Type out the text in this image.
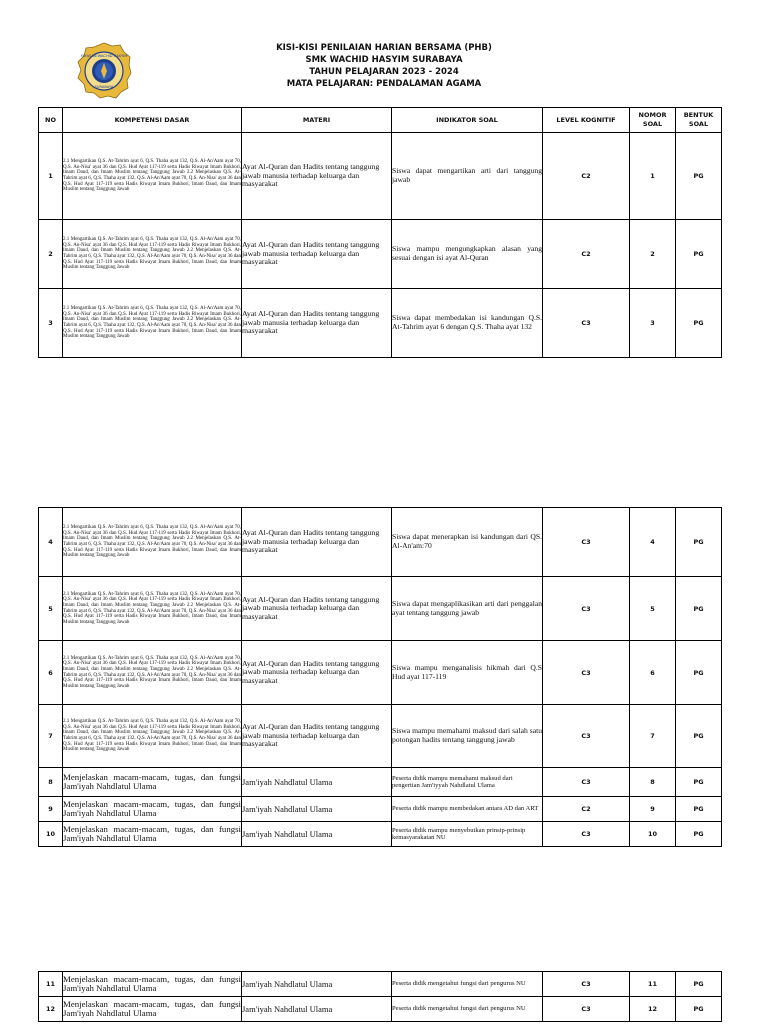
YAYASAN WACHID HASYIM
SURABAYA
KISI-KISI PENILAIAN HARIAN BERSAMA (PHB)
SMK WACHID HASYIM SURABAYA
TAHUN PELAJARAN 2023 - 2024
MATA PELAJARAN: PENDALAMAN AGAMA
NO	KOMPETENSI DASAR	MATERI	INDIKATOR SOAL	LEVEL KOGNITIF	NOMOR SOAL	BENTUK SOAL
1	2.1 Mengartikan Q.S. At-Tahrim ayat 6, Q.S. Thaha ayat 132, Q.S. Al-An'Aam ayat 70, Q.S. An-Nisa' ayat 36 dan Q.S. Hud Ayat 117-119 serta Hadis Riwayat Imam Bukhori, Imam Daud, dan Imam Muslim tentang Tanggung Jawab 2.2 Menjelaskan Q.S. At-Tahrim ayat 6, Q.S. Thaha ayat 132, Q.S. Al-An'Aam ayat 70, Q.S. An-Nisa' ayat 36 dan Q.S. Hud Ayat 117-119 serta Hadis Riwayat Imam Bukhori, Imam Daud, dan Imam Muslim tentang Tanggung Jawab	Ayat Al-Quran dan Hadits tentang tanggung jawab manusia terhadap keluarga dan masyarakat	Siswa dapat mengartikan arti dari tanggung jawab	C2	1	PG
2	2.1 Mengartikan Q.S. At-Tahrim ayat 6, Q.S. Thaha ayat 132, Q.S. Al-An'Aam ayat 70, Q.S. An-Nisa' ayat 36 dan Q.S. Hud Ayat 117-119 serta Hadis Riwayat Imam Bukhori, Imam Daud, dan Imam Muslim tentang Tanggung Jawab 2.2 Menjelaskan Q.S. At-Tahrim ayat 6, Q.S. Thaha ayat 132, Q.S. Al-An'Aam ayat 70, Q.S. An-Nisa' ayat 36 dan Q.S. Hud Ayat 117-119 serta Hadis Riwayat Imam Bukhori, Imam Daud, dan Imam Muslim tentang Tanggung Jawab	Ayat Al-Quran dan Hadits tentang tanggung jawab manusia terhadap keluarga dan masyarakat	Siswa mampu mengungkapkan alasan yang sesuai dengan isi ayat Al-Quran	C2	2	PG
3	2.1 Mengartikan Q.S. At-Tahrim ayat 6, Q.S. Thaha ayat 132, Q.S. Al-An'Aam ayat 70, Q.S. An-Nisa' ayat 36 dan Q.S. Hud Ayat 117-119 serta Hadis Riwayat Imam Bukhori, Imam Daud, dan Imam Muslim tentang Tanggung Jawab 2.2 Menjelaskan Q.S. At-Tahrim ayat 6, Q.S. Thaha ayat 132, Q.S. Al-An'Aam ayat 70, Q.S. An-Nisa' ayat 36 dan Q.S. Hud Ayat 117-119 serta Hadis Riwayat Imam Bukhori, Imam Daud, dan Imam Muslim tentang Tanggung Jawab	Ayat Al-Quran dan Hadits tentang tanggung jawab manusia terhadap keluarga dan masyarakat	Siswa dapat membedakan isi kandungan Q.S. At-Tahrim ayat 6 dengan Q.S. Thaha ayat 132	C3	3	PG
4	2.1 Mengartikan Q.S. At-Tahrim ayat 6, Q.S. Thaha ayat 132, Q.S. Al-An'Aam ayat 70, Q.S. An-Nisa' ayat 36 dan Q.S. Hud Ayat 117-119 serta Hadis Riwayat Imam Bukhori, Imam Daud, dan Imam Muslim tentang Tanggung Jawab 2.2 Menjelaskan Q.S. At-Tahrim ayat 6, Q.S. Thaha ayat 132, Q.S. Al-An'Aam ayat 70, Q.S. An-Nisa' ayat 36 dan Q.S. Hud Ayat 117-119 serta Hadis Riwayat Imam Bukhori, Imam Daud, dan Imam Muslim tentang Tanggung Jawab	Ayat Al-Quran dan Hadits tentang tanggung jawab manusia terhadap keluarga dan masyarakat	Siswa dapat menerapkan isi kandungan dari QS. Al-An'am:70	C3	4	PG
5	2.1 Mengartikan Q.S. At-Tahrim ayat 6, Q.S. Thaha ayat 132, Q.S. Al-An'Aam ayat 70, Q.S. An-Nisa' ayat 36 dan Q.S. Hud Ayat 117-119 serta Hadis Riwayat Imam Bukhori, Imam Daud, dan Imam Muslim tentang Tanggung Jawab 2.2 Menjelaskan Q.S. At-Tahrim ayat 6, Q.S. Thaha ayat 132, Q.S. Al-An'Aam ayat 70, Q.S. An-Nisa' ayat 36 dan Q.S. Hud Ayat 117-119 serta Hadis Riwayat Imam Bukhori, Imam Daud, dan Imam Muslim tentang Tanggung Jawab	Ayat Al-Quran dan Hadits tentang tanggung jawab manusia terhadap keluarga dan masyarakat	Siswa dapat mengaplikasikan arti dari penggalan ayat tentang tanggung jawab	C3	5	PG
6	2.1 Mengartikan Q.S. At-Tahrim ayat 6, Q.S. Thaha ayat 132, Q.S. Al-An'Aam ayat 70, Q.S. An-Nisa' ayat 36 dan Q.S. Hud Ayat 117-119 serta Hadis Riwayat Imam Bukhori, Imam Daud, dan Imam Muslim tentang Tanggung Jawab 2.2 Menjelaskan Q.S. At-Tahrim ayat 6, Q.S. Thaha ayat 132, Q.S. Al-An'Aam ayat 70, Q.S. An-Nisa' ayat 36 dan Q.S. Hud Ayat 117-119 serta Hadis Riwayat Imam Bukhori, Imam Daud, dan Imam Muslim tentang Tanggung Jawab	Ayat Al-Quran dan Hadits tentang tanggung jawab manusia terhadap keluarga dan masyarakat	Siswa mampu menganalisis hikmah dari Q.S Hud ayat 117-119	C3	6	PG
7	2.1 Mengartikan Q.S. At-Tahrim ayat 6, Q.S. Thaha ayat 132, Q.S. Al-An'Aam ayat 70, Q.S. An-Nisa' ayat 36 dan Q.S. Hud Ayat 117-119 serta Hadis Riwayat Imam Bukhori, Imam Daud, dan Imam Muslim tentang Tanggung Jawab 2.2 Menjelaskan Q.S. At-Tahrim ayat 6, Q.S. Thaha ayat 132, Q.S. Al-An'Aam ayat 70, Q.S. An-Nisa' ayat 36 dan Q.S. Hud Ayat 117-119 serta Hadis Riwayat Imam Bukhori, Imam Daud, dan Imam Muslim tentang Tanggung Jawab	Ayat Al-Quran dan Hadits tentang tanggung jawab manusia terhadap keluarga dan masyarakat	Siswa mampu memahami maksud dari salah satu potongan hadits tentang tanggung jawab	C3	7	PG
8	Menjelaskan macam-macam, tugas, dan fungsi Jam'iyah Nahdlatul Ulama	Jam'iyah Nahdlatul Ulama	Peserta didik mampu memahami maksud dari pengertian Jam'iyyah Nahdlatul Ulama	C3	8	PG
9	Menjelaskan macam-macam, tugas, dan fungsi Jam'iyah Nahdlatul Ulama	Jam'iyah Nahdlatul Ulama	Peserta didik mampu membedakan antara AD dan ART	C2	9	PG
10	Menjelaskan macam-macam, tugas, dan fungsi Jam'iyah Nahdlatul Ulama	Jam'iyah Nahdlatul Ulama	Peserta didik mampu menyebutkan prinsip-prinsip kemasyarakatan NU	C3	10	PG
11	Menjelaskan macam-macam, tugas, dan fungsi Jam'iyah Nahdlatul Ulama	Jam'iyah Nahdlatul Ulama	Peserta didik mengetahui fungsi dari pengurus NU	C3	11	PG
12	Menjelaskan macam-macam, tugas, dan fungsi Jam'iyah Nahdlatul Ulama	Jam'iyah Nahdlatul Ulama	Peserta didik mengetahui fungsi dari pengurus NU	C3	12	PG
